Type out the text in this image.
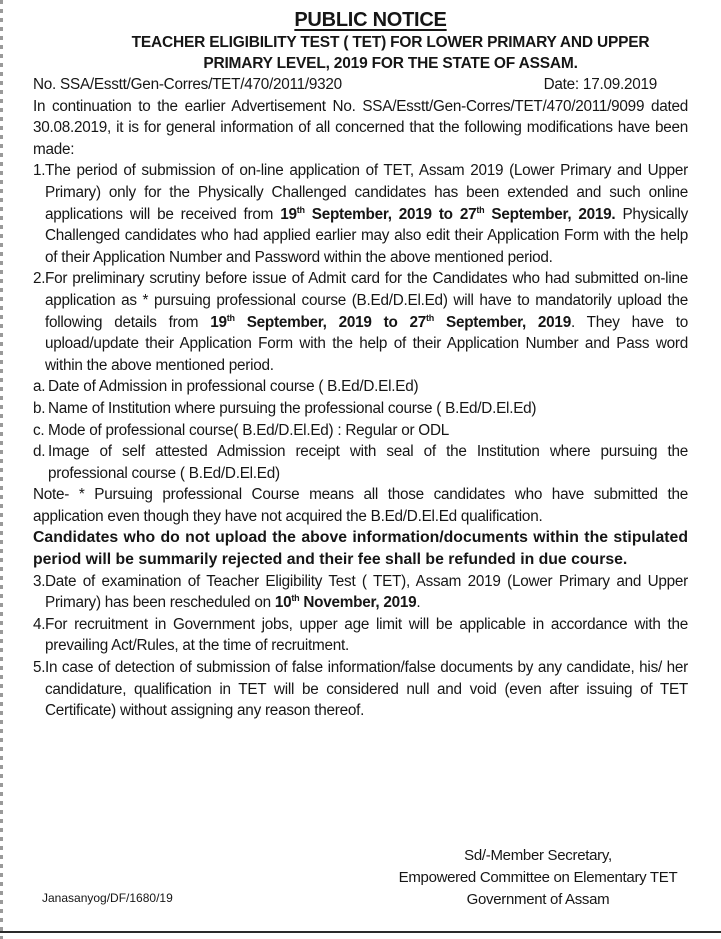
PUBLIC NOTICE
TEACHER ELIGIBILITY TEST ( TET) FOR LOWER PRIMARY AND UPPER
PRIMARY LEVEL, 2019 FOR THE STATE OF ASSAM.
No. SSA/Esstt/Gen-Corres/TET/470/2011/9320	Date: 17.09.2019

In continuation to the earlier Advertisement No. SSA/Esstt/Gen-Corres/TET/470/2011/9099 dated 30.08.2019, it is for general information of all concerned that the following modifications have been made:

1. The period of submission of on-line application of TET, Assam 2019 (Lower Primary and Upper Primary) only for the Physically Challenged candidates has been extended and such online applications will be received from 19th September, 2019 to 27th September, 2019. Physically Challenged candidates who had applied earlier may also edit their Application Form with the help of their Application Number and Password within the above mentioned period.
2. For preliminary scrutiny before issue of Admit card for the Candidates who had submitted on-line application as * pursuing professional course (B.Ed/D.El.Ed) will have to mandatorily upload the following details from 19th September, 2019 to 27th September, 2019. They have to upload/update their Application Form with the help of their Application Number and Pass word within the above mentioned period.
a. Date of Admission in professional course ( B.Ed/D.El.Ed)
b. Name of Institution where pursuing the professional course ( B.Ed/D.El.Ed)
c. Mode of professional course( B.Ed/D.El.Ed) : Regular or ODL
d. Image of self attested Admission receipt with seal of the Institution where pursuing the professional course ( B.Ed/D.El.Ed)

Note- * Pursuing professional Course means all those candidates who have submitted the application even though they have not acquired the B.Ed/D.El.Ed qualification.

Candidates who do not upload the above information/documents within the stipulated period will be summarily rejected and their fee shall be refunded in due course.

3. Date of examination of Teacher Eligibility Test ( TET), Assam 2019 (Lower Primary and Upper Primary) has been rescheduled on 10th November, 2019.
4. For recruitment in Government jobs, upper age limit will be applicable in accordance with the prevailing Act/Rules, at the time of recruitment.
5. In case of detection of submission of false information/false documents by any candidate, his/ her candidature, qualification in TET will be considered null and void (even after issuing of TET Certificate) without assigning any reason thereof.
Sd/-Member Secretary,
Empowered Committee on Elementary TET
Government of Assam
Janasanyog/DF/1680/19
